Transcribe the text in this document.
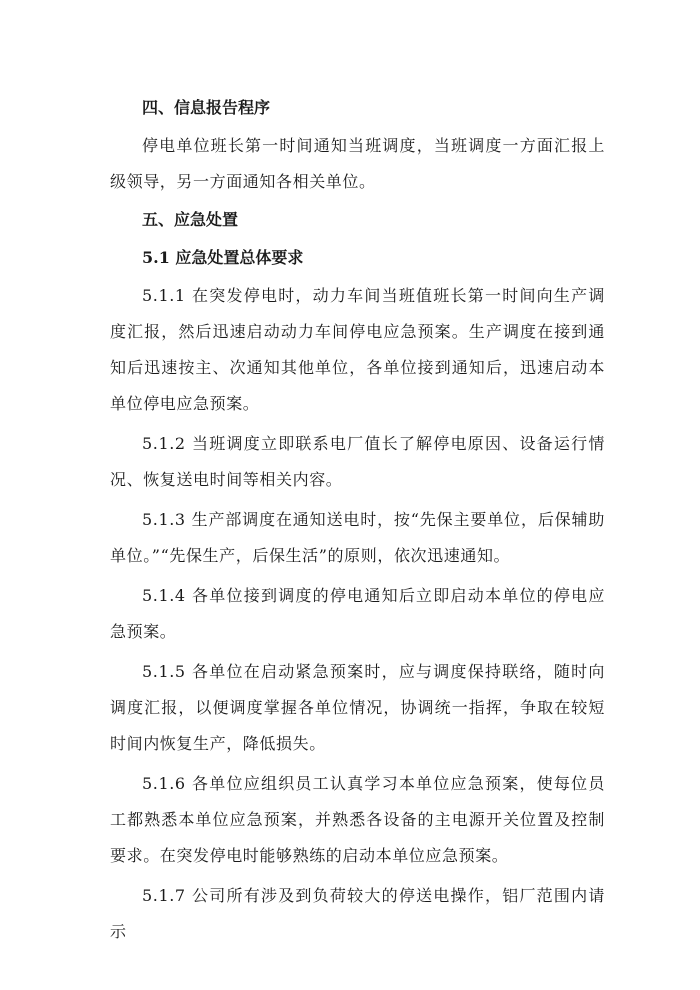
四、信息报告程序

停电单位班长第一时间通知当班调度，当班调度一方面汇报上级领导，另一方面通知各相关单位。

五、应急处置

5.1 应急处置总体要求

5.1.1 在突发停电时，动力车间当班值班长第一时间向生产调度汇报，然后迅速启动动力车间停电应急预案。生产调度在接到通知后迅速按主、次通知其他单位，各单位接到通知后，迅速启动本单位停电应急预案。

5.1.2 当班调度立即联系电厂值长了解停电原因、设备运行情况、恢复送电时间等相关内容。

5.1.3 生产部调度在通知送电时，按“先保主要单位，后保辅助单位。”“先保生产，后保生活”的原则，依次迅速通知。

5.1.4 各单位接到调度的停电通知后立即启动本单位的停电应急预案。

5.1.5 各单位在启动紧急预案时，应与调度保持联络，随时向调度汇报，以便调度掌握各单位情况，协调统一指挥，争取在较短时间内恢复生产，降低损失。

5.1.6 各单位应组织员工认真学习本单位应急预案，使每位员工都熟悉本单位应急预案，并熟悉各设备的主电源开关位置及控制要求。在突发停电时能够熟练的启动本单位应急预案。

5.1.7 公司所有涉及到负荷较大的停送电操作，铝厂范围内请示
